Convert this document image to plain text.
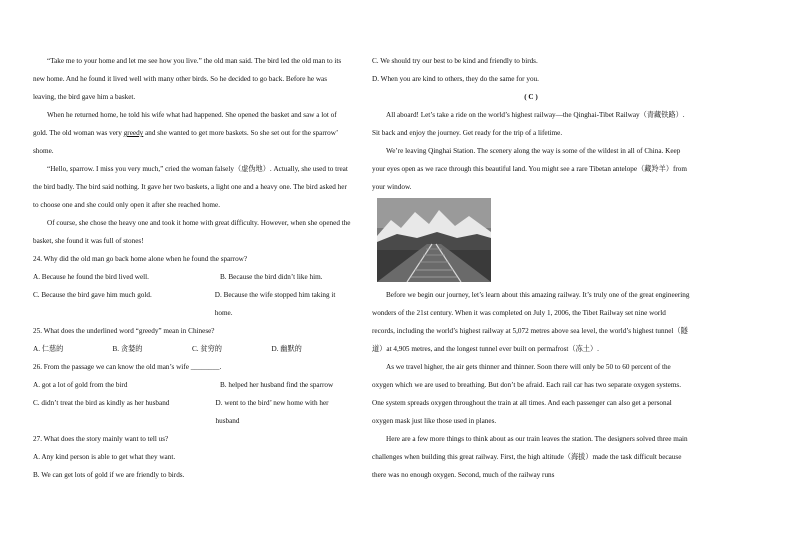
“Take me to your home and let me see how you live.” the old man said. The bird led the old man to its new home. And he found it lived well with many other birds. So he decided to go back. Before he was leaving, the bird gave him a basket.

When he returned home, he told his wife what had happened. She opened the basket and saw a lot of gold. The old woman was very greedy and she wanted to get more baskets. So she set out for the sparrow’ shome.

“Hello, sparrow. I miss you very much,” cried the woman falsely（虚伪地）. Actually, she used to treat the bird badly. The bird said nothing. It gave her two baskets, a light one and a heavy one. The bird asked her to choose one and she could only open it after she reached home.

Of course, she chose the heavy one and took it home with great difficulty. However, when she opened the basket, she found it was full of stones!

24. Why did the old man go back home alone when he found the sparrow?

A. Because he found the bird lived well.	B. Because the bird didn’t like him.
C. Because the bird gave him much gold.	D. Because the wife stopped him taking it home.

25. What does the underlined word “greedy” mean in Chinese?

A. 仁慈的	B. 贪婪的	C. 贫穷的	D. 幽默的

26. From the passage we can know the old man’s wife ________.

A. got a lot of gold from the bird	B. helped her husband find the sparrow
C. didn’t treat the bird as kindly as her husband	D. went to the bird’ new home with her husband

27. What does the story mainly want to tell us?

A. Any kind person is able to get what they want.

B. We can get lots of gold if we are friendly to birds.

C. We should try our best to be kind and friendly to birds.

D. When you are kind to others, they do the same for you.

( C )

All aboard! Let’s take a ride on the world’s highest railway—the Qinghai-Tibet Railway（青藏铁路）. Sit back and enjoy the journey. Get ready for the trip of a lifetime.

We’re leaving Qinghai Station. The scenery along the way is some of the wildest in all of China. Keep your eyes open as we race through this beautiful land. You might see a rare Tibetan antelope（藏羚羊）from your window.

Before we begin our journey, let’s learn about this amazing railway. It’s truly one of the great engineering wonders of the 21st century. When it was completed on July 1, 2006, the Tibet Railway set nine world records, including the world’s highest railway at 5,072 metres above sea level, the world’s highest tunnel（隧道）at 4,905 metres, and the longest tunnel ever built on permafrost（冻土）.

As we travel higher, the air gets thinner and thinner. Soon there will only be 50 to 60 percent of the oxygen which we are used to breathing. But don’t be afraid. Each rail car has two separate oxygen systems. One system spreads oxygen throughout the train at all times. And each passenger can also get a personal oxygen mask just like those used in planes.

Here are a few more things to think about as our train leaves the station. The designers solved three main challenges when building this great railway. First, the high altitude（海拔）made the task difficult because there was no enough oxygen. Second, much of the railway runs
